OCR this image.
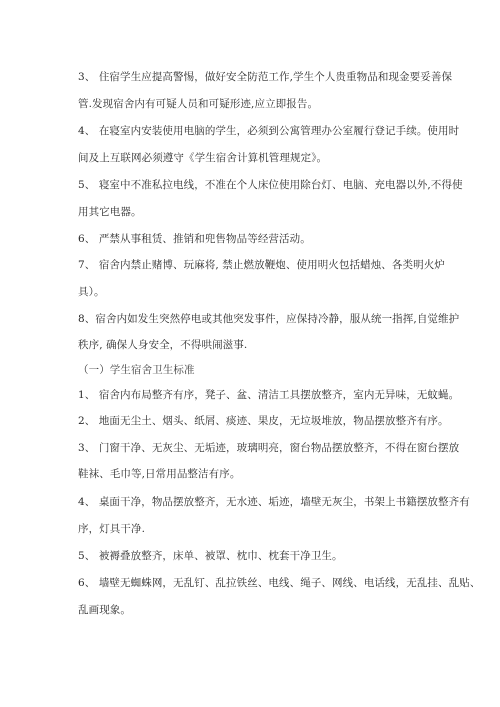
3、 住宿学生应提高警惕，做好安全防范工作,学生个人贵重物品和现金要妥善保
管.发现宿舍内有可疑人员和可疑形迹,应立即报告。
4、 在寝室内安装使用电脑的学生，必须到公寓管理办公室履行登记手续。使用时
间及上互联网必须遵守《学生宿舍计算机管理规定》。
5、 寝室中不准私拉电线，不准在个人床位使用除台灯、电脑、充电器以外,不得使
用其它电器。
6、 严禁从事租赁、推销和兜售物品等经营活动。
7、 宿舍内禁止赌博、玩麻将, 禁止燃放鞭炮、使用明火包括蜡烛、各类明火炉
具）。
8、宿舍内如发生突然停电或其他突发事件，应保持冷静，服从统一指挥,自觉维护
秩序, 确保人身安全，不得哄闹滋事.
（一）学生宿舍卫生标准
1、 宿舍内布局整齐有序，凳子、盆、清洁工具摆放整齐，室内无异味，无蚊蝇。
2、 地面无尘土、烟头、纸屑、痰迹、果皮，无垃圾堆放，物品摆放整齐有序。
3、 门窗干净、无灰尘、无垢迹，玻璃明亮，窗台物品摆放整齐，不得在窗台摆放
鞋袜、毛巾等,日常用品整洁有序。
4、 桌面干净，物品摆放整齐，无水迹、垢迹，墙壁无灰尘，书架上书籍摆放整齐有
序，灯具干净.
5、 被褥叠放整齐，床单、被罩、枕巾、枕套干净卫生。
6、 墙壁无蜘蛛网，无乱钉、乱拉铁丝、电线、绳子、网线、电话线，无乱挂、乱贴、
乱画现象。
